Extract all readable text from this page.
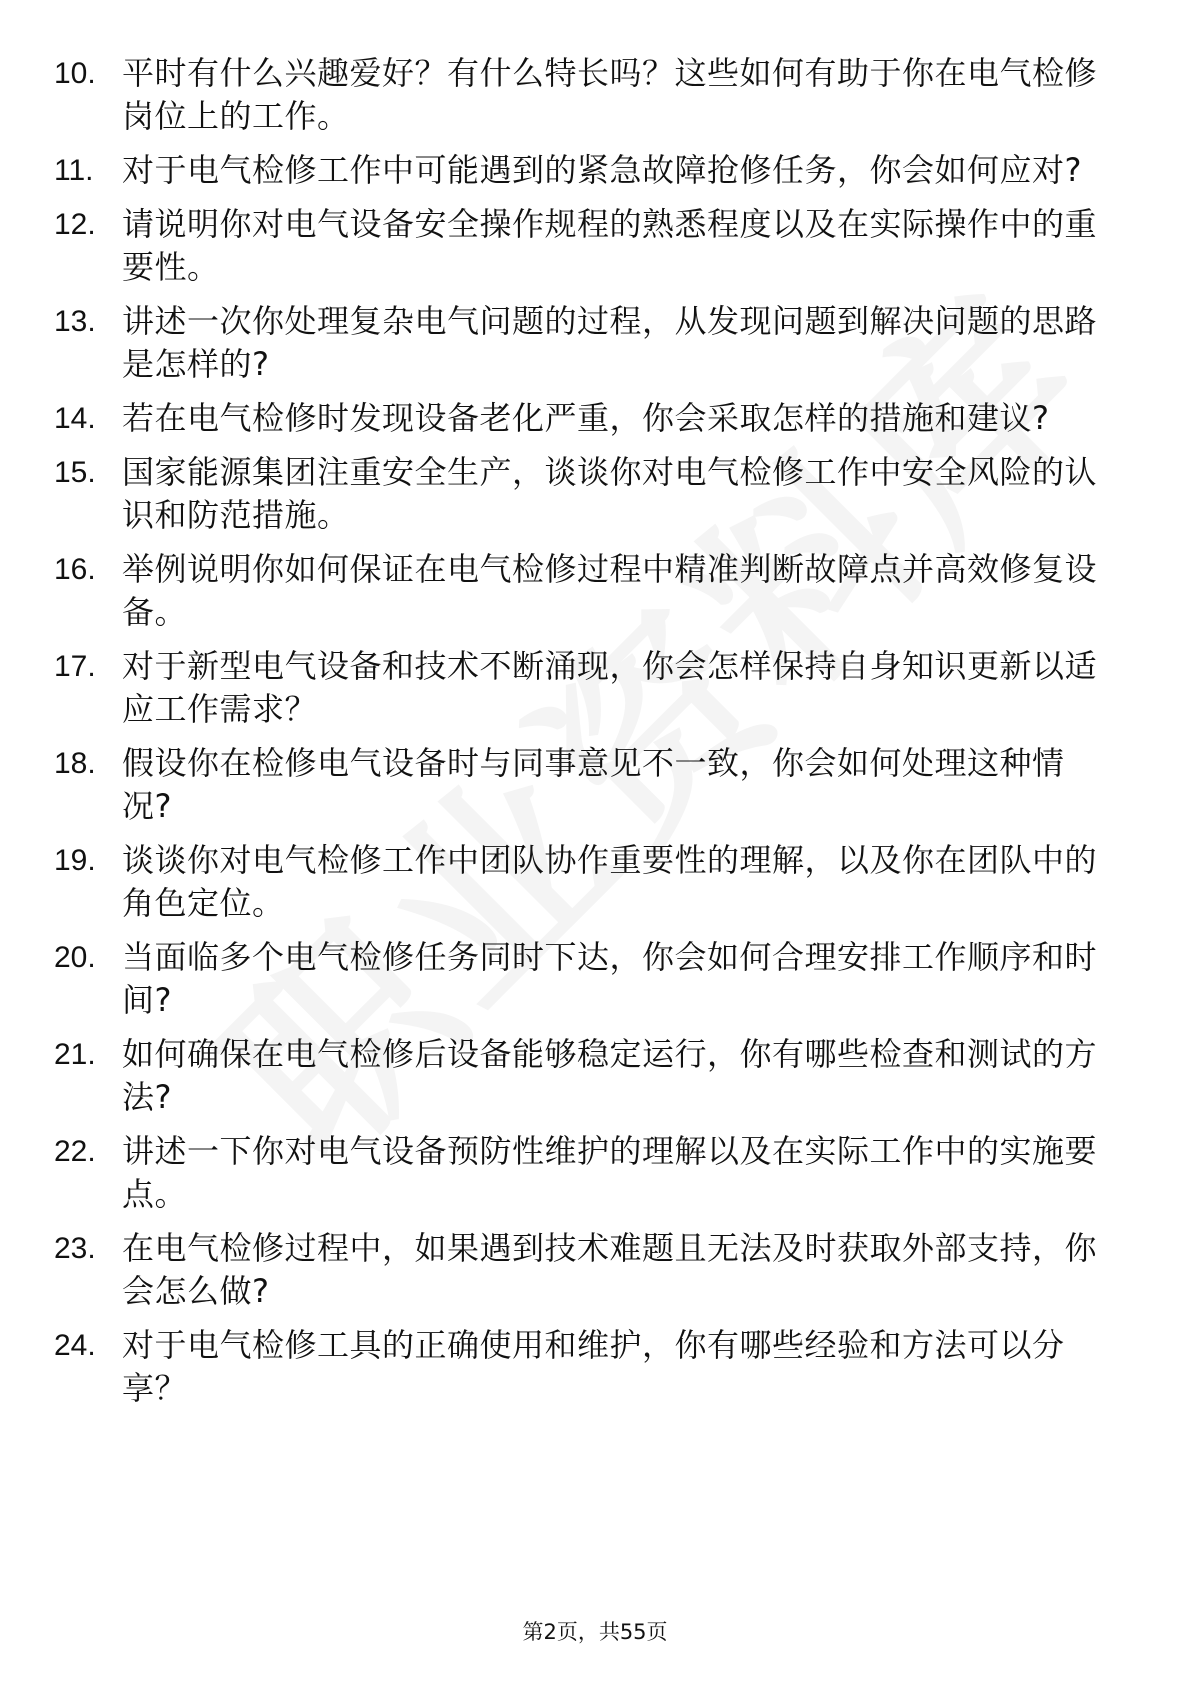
10. 平时有什么兴趣爱好？有什么特长吗？这些如何有助于你在电气检修岗位上的工作。
11. 对于电气检修工作中可能遇到的紧急故障抢修任务，你会如何应对?
12. 请说明你对电气设备安全操作规程的熟悉程度以及在实际操作中的重要性。
13. 讲述一次你处理复杂电气问题的过程，从发现问题到解决问题的思路是怎样的?
14. 若在电气检修时发现设备老化严重，你会采取怎样的措施和建议?
15. 国家能源集团注重安全生产，谈谈你对电气检修工作中安全风险的认识和防范措施。
16. 举例说明你如何保证在电气检修过程中精准判断故障点并高效修复设备。
17. 对于新型电气设备和技术不断涌现，你会怎样保持自身知识更新以适应工作需求？
18. 假设你在检修电气设备时与同事意见不一致，你会如何处理这种情况?
19. 谈谈你对电气检修工作中团队协作重要性的理解，以及你在团队中的角色定位。
20. 当面临多个电气检修任务同时下达，你会如何合理安排工作顺序和时间?
21. 如何确保在电气检修后设备能够稳定运行，你有哪些检查和测试的方法?
22. 讲述一下你对电气设备预防性维护的理解以及在实际工作中的实施要点。
23. 在电气检修过程中，如果遇到技术难题且无法及时获取外部支持，你会怎么做?
24. 对于电气检修工具的正确使用和维护，你有哪些经验和方法可以分享？
第2页，共55页
